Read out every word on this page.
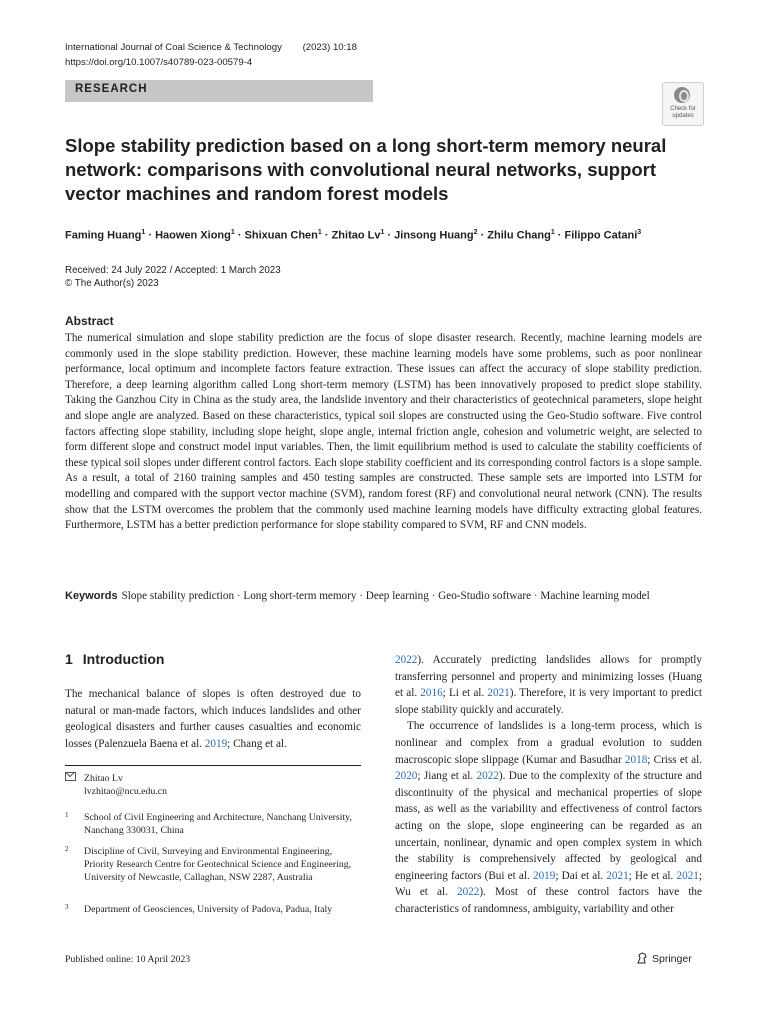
International Journal of Coal Science & Technology (2023) 10:18
https://doi.org/10.1007/s40789-023-00579-4
RESEARCH
Check for
updates
Slope stability prediction based on a long short-term memory neural network: comparisons with convolutional neural networks, support vector machines and random forest models
Faming Huang$^1$ · Haowen Xiong$^1$ · Shixuan Chen$^1$ · Zhitao $Lv^1$ · Jinsong Huang$^2$ · Zhilu Chang$^1$ · Filippo Catani$^3$
Received: 24 July 2022 / Accepted: 1 March 2023
© The Author(s) 2023
Abstract
The numerical simulation and slope stability prediction are the focus of slope disaster research. Recently, machine learning models are commonly used in the slope stability prediction. However, these machine learning models have some problems, such as poor nonlinear performance, local optimum and incomplete factors feature extraction. These issues can affect the accuracy of slope stability prediction. Therefore, a deep learning algorithm called Long short-term memory (LSTM) has been innovatively proposed to predict slope stability. Taking the Ganzhou City in China as the study area, the landslide inventory and their characteristics of geotechnical parameters, slope height and slope angle are analyzed. Based on these characteristics, typical soil slopes are constructed using the Geo-Studio software. Five control factors affecting slope stability, including slope height, slope angle, internal friction angle, cohesion and volumetric weight, are selected to form different slope and construct model input variables. Then, the limit equilibrium method is used to calculate the stability coefficients of these typical soil slopes under different control factors. Each slope stability coefficient and its corresponding control factors is a slope sample. As a result, a total of 2160 training samples and 450 testing samples are constructed. These sample sets are imported into LSTM for modelling and compared with the support vector machine (SVM), random forest (RF) and convolutional neural network (CNN). The results show that the LSTM overcomes the problem that the commonly used machine learning models have difficulty extracting global features. Furthermore, LSTM has a better prediction performance for slope stability compared to SVM, RF and CNN models.
Keywords Slope stability prediction · Long short-term memory · Deep learning · Geo-Studio software · Machine learning model
1 Introduction
The mechanical balance of slopes is often destroyed due to natural or man-made factors, which induces landslides and other geological disasters and further causes casualties and economic losses (Palenzuela Baena et al. 2019; Chang et al.
Zhitao Lv
lvzhitao@ncu.edu.cn
1 School of Civil Engineering and Architecture, Nanchang University, Nanchang 330031, China
2 Discipline of Civil, Surveying and Environmental Engineering, Priority Research Centre for Geotechnical Science and Engineering, University of Newcastle, Callaghan, NSW 2287, Australia
3 Department of Geosciences, University of Padova, Padua, Italy

2022). Accurately predicting landslides allows for promptly transferring personnel and property and minimizing losses (Huang et al. 2016; Li et al. 2021). Therefore, it is very important to predict slope stability quickly and accurately.

The occurrence of landslides is a long-term process, which is nonlinear and complex from a gradual evolution to sudden macroscopic slope slippage (Kumar and Basudhar 2018; Criss et al. 2020; Jiang et al. 2022). Due to the complexity of the structure and discontinuity of the physical and mechanical properties of slope mass, as well as the variability and effectiveness of control factors acting on the slope, slope engineering can be regarded as an uncertain, nonlinear, dynamic and open complex system in which the stability is comprehensively affected by geological and engineering factors (Bui et al. 2019; Dai et al. 2021; He et al. 2021; Wu et al. 2022). Most of these control factors have the characteristics of randomness, ambiguity, variability and other

Published online: 10 April 2023	Springer
